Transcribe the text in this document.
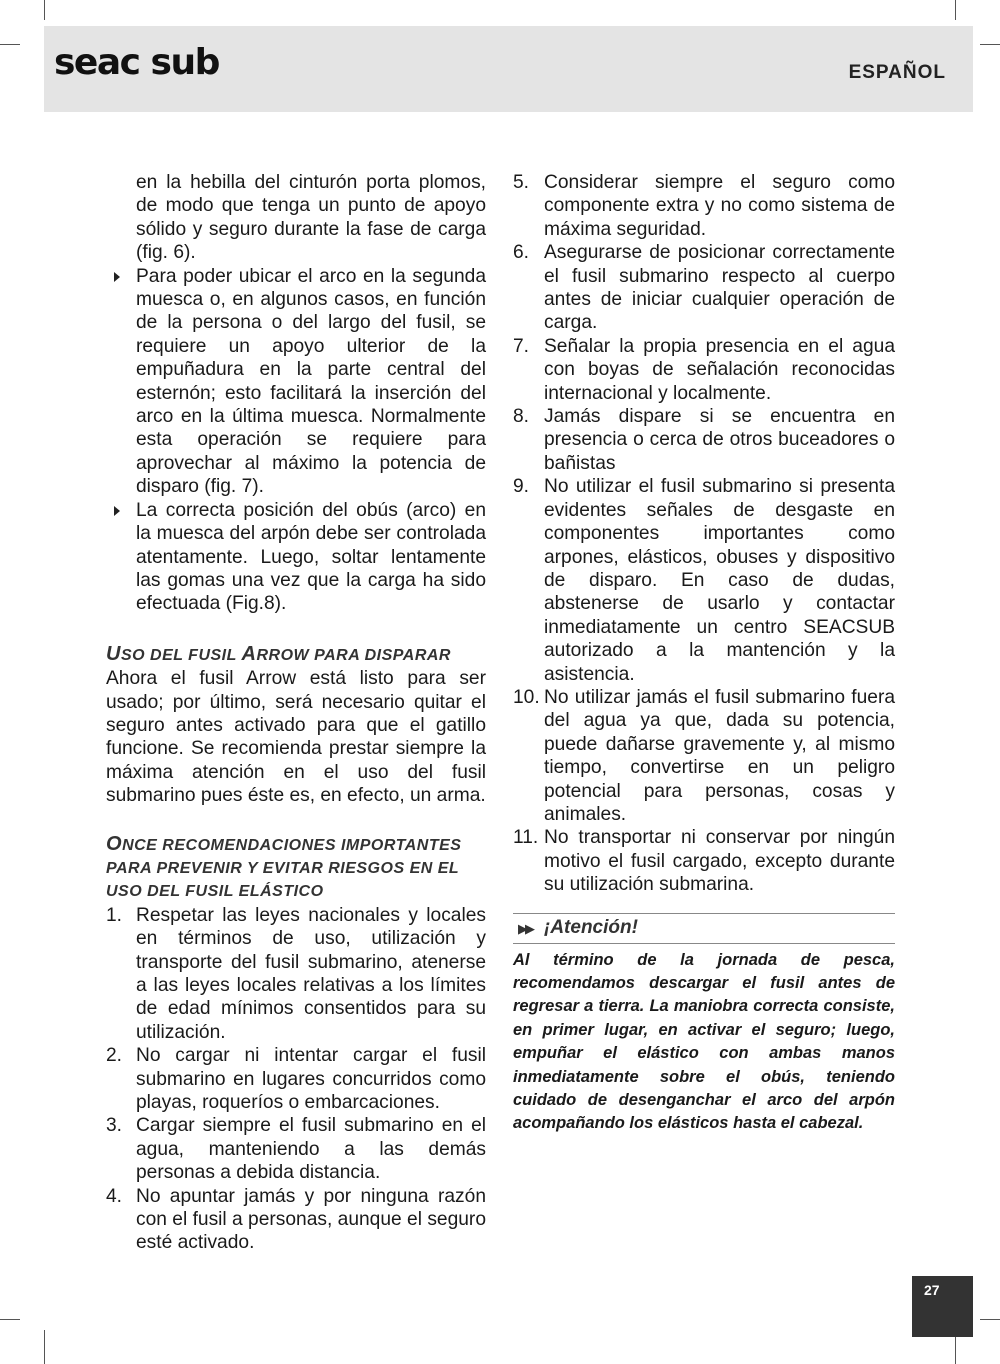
seac sub	ESPAÑOL

en la hebilla del cinturón porta plomos, de modo que tenga un punto de apoyo sólido y seguro durante la fase de carga (fig. 6).

Para poder ubicar el arco en la segunda muesca o, en algunos casos, en función de la persona o del largo del fusil, se requiere un apoyo ulterior de la empuñadura en la parte central del esternón; esto facilitará la inserción del arco en la última muesca. Normalmente esta operación se requiere para aprovechar al máximo la potencia de disparo (fig. 7).
La correcta posición del obús (arco) en la muesca del arpón debe ser controlada atentamente. Luego, soltar lentamente las gomas una vez que la carga ha sido efectuada (Fig.8).
USO DEL FUSIL ARROW PARA DISPARAR

Ahora el fusil Arrow está listo para ser usado; por último, será necesario quitar el seguro antes activado para que el gatillo funcione. Se recomienda prestar siempre la máxima atención en el uso del fusil submarino pues éste es, en efecto, un arma.

ONCE RECOMENDACIONES IMPORTANTES
PARA PREVENIR Y EVITAR RIESGOS EN EL
USO DEL FUSIL ELÁSTICO
1. Respetar las leyes nacionales y locales en términos de uso, utilización y transporte del fusil submarino, atenerse a las leyes locales relativas a los límites de edad mínimos consentidos para su utilización.
2. No cargar ni intentar cargar el fusil submarino en lugares concurridos como playas, roqueríos o embarcaciones.
3. Cargar siempre el fusil submarino en el agua, manteniendo a las demás personas a debida distancia.
4. No apuntar jamás y por ninguna razón con el fusil a personas, aunque el seguro esté activado.
5. Considerar siempre el seguro como componente extra y no como sistema de máxima seguridad.
6. Asegurarse de posicionar correctamente el fusil submarino respecto al cuerpo antes de iniciar cualquier operación de carga.
7. Señalar la propia presencia en el agua con boyas de señalación reconocidas internacional y localmente.
8. Jamás dispare si se encuentra en presencia o cerca de otros buceadores o bañistas
9. No utilizar el fusil submarino si presenta evidentes señales de desgaste en componentes importantes como arpones, elásticos, obuses y dispositivo de disparo. En caso de dudas, abstenerse de usarlo y contactar inmediatamente un centro SEACSUB autorizado a la mantención y la asistencia.
10. No utilizar jamás el fusil submarino fuera del agua ya que, dada su potencia, puede dañarse gravemente y, al mismo tiempo, convertirse en un peligro potencial para personas, cosas y animales.
11. No transportar ni conservar por ningún motivo el fusil cargado, excepto durante su utilización submarina.
▶▶ ¡Atención!

Al término de la jornada de pesca, recomendamos descargar el fusil antes de regresar a tierra. La maniobra correcta consiste, en primer lugar, en activar el seguro; luego, empuñar el elástico con ambas manos inmediatamente sobre el obús, teniendo cuidado de desenganchar el arco del arpón acompañando los elásticos hasta el cabezal.

27
